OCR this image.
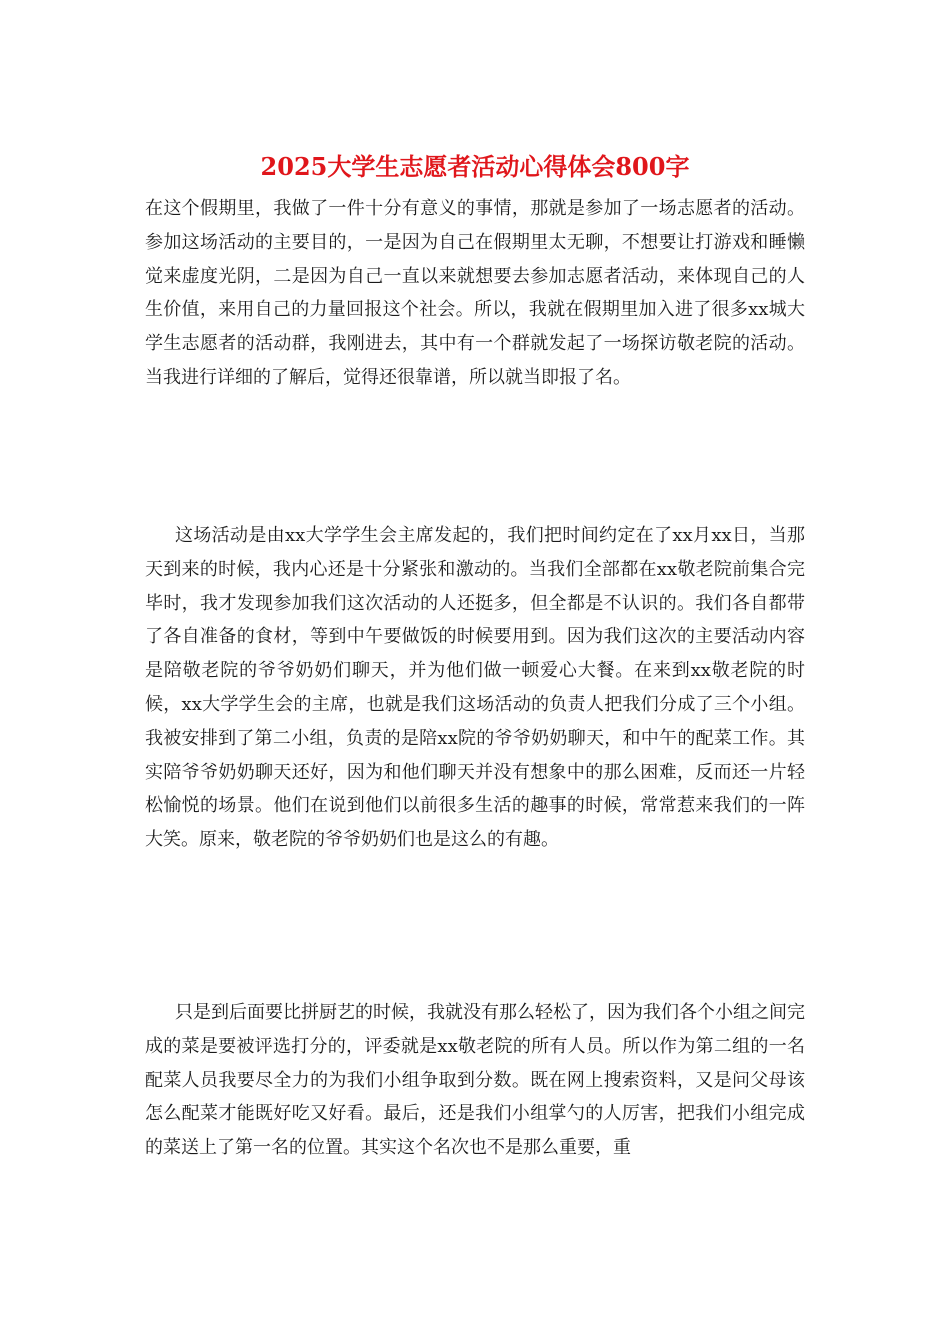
2025大学生志愿者活动心得体会800字

在这个假期里，我做了一件十分有意义的事情，那就是参加了一场志愿者的活动。参加这场活动的主要目的，一是因为自己在假期里太无聊，不想要让打游戏和睡懒觉来虚度光阴，二是因为自己一直以来就想要去参加志愿者活动，来体现自己的人生价值，来用自己的力量回报这个社会。所以，我就在假期里加入进了很多xx城大学生志愿者的活动群，我刚进去，其中有一个群就发起了一场探访敬老院的活动。当我进行详细的了解后，觉得还很靠谱，所以就当即报了名。

这场活动是由xx大学学生会主席发起的，我们把时间约定在了xx月xx日，当那天到来的时候，我内心还是十分紧张和激动的。当我们全部都在xx敬老院前集合完毕时，我才发现参加我们这次活动的人还挺多，但全都是不认识的。我们各自都带了各自准备的食材，等到中午要做饭的时候要用到。因为我们这次的主要活动内容是陪敬老院的爷爷奶奶们聊天，并为他们做一顿爱心大餐。在来到xx敬老院的时候，xx大学学生会的主席，也就是我们这场活动的负责人把我们分成了三个小组。我被安排到了第二小组，负责的是陪xx院的爷爷奶奶聊天，和中午的配菜工作。其实陪爷爷奶奶聊天还好，因为和他们聊天并没有想象中的那么困难，反而还一片轻松愉悦的场景。他们在说到他们以前很多生活的趣事的时候，常常惹来我们的一阵大笑。原来，敬老院的爷爷奶奶们也是这么的有趣。

只是到后面要比拼厨艺的时候，我就没有那么轻松了，因为我们各个小组之间完成的菜是要被评选打分的，评委就是xx敬老院的所有人员。所以作为第二组的一名配菜人员我要尽全力的为我们小组争取到分数。既在网上搜索资料，又是问父母该怎么配菜才能既好吃又好看。最后，还是我们小组掌勺的人厉害，把我们小组完成的菜送上了第一名的位置。其实这个名次也不是那么重要，重
